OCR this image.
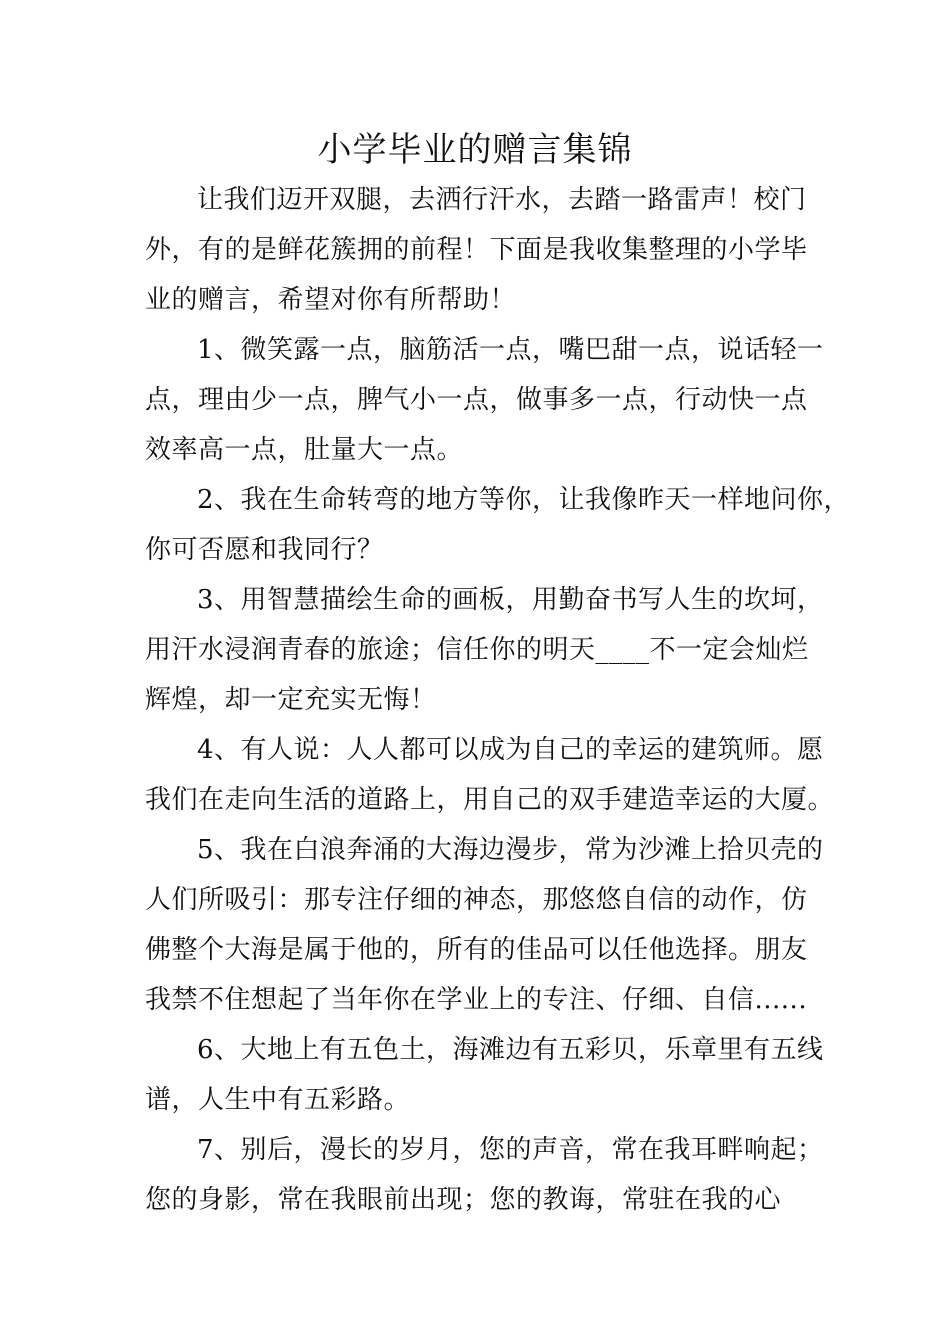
小学毕业的赠言集锦

让我们迈开双腿，去洒行汗水，去踏一路雷声！校门

外，有的是鲜花簇拥的前程！下面是我收集整理的小学毕

业的赠言，希望对你有所帮助！

1、微笑露一点，脑筋活一点，嘴巴甜一点，说话轻一

点，理由少一点，脾气小一点，做事多一点，行动快一点

效率高一点，肚量大一点。

2、我在生命转弯的地方等你，让我像昨天一样地问你，

你可否愿和我同行？

3、用智慧描绘生命的画板，用勤奋书写人生的坎坷，

用汗水浸润青春的旅途；信任你的明天____不一定会灿烂

辉煌，却一定充实无悔！

4、有人说：人人都可以成为自己的幸运的建筑师。愿

我们在走向生活的道路上，用自己的双手建造幸运的大厦。

5、我在白浪奔涌的大海边漫步，常为沙滩上拾贝壳的

人们所吸引：那专注仔细的神态，那悠悠自信的动作，仿

佛整个大海是属于他的，所有的佳品可以任他选择。朋友

我禁不住想起了当年你在学业上的专注、仔细、自信......

6、大地上有五色土，海滩边有五彩贝，乐章里有五线

谱，人生中有五彩路。

7、别后，漫长的岁月，您的声音，常在我耳畔响起；

您的身影，常在我眼前出现；您的教诲，常驻在我的心
